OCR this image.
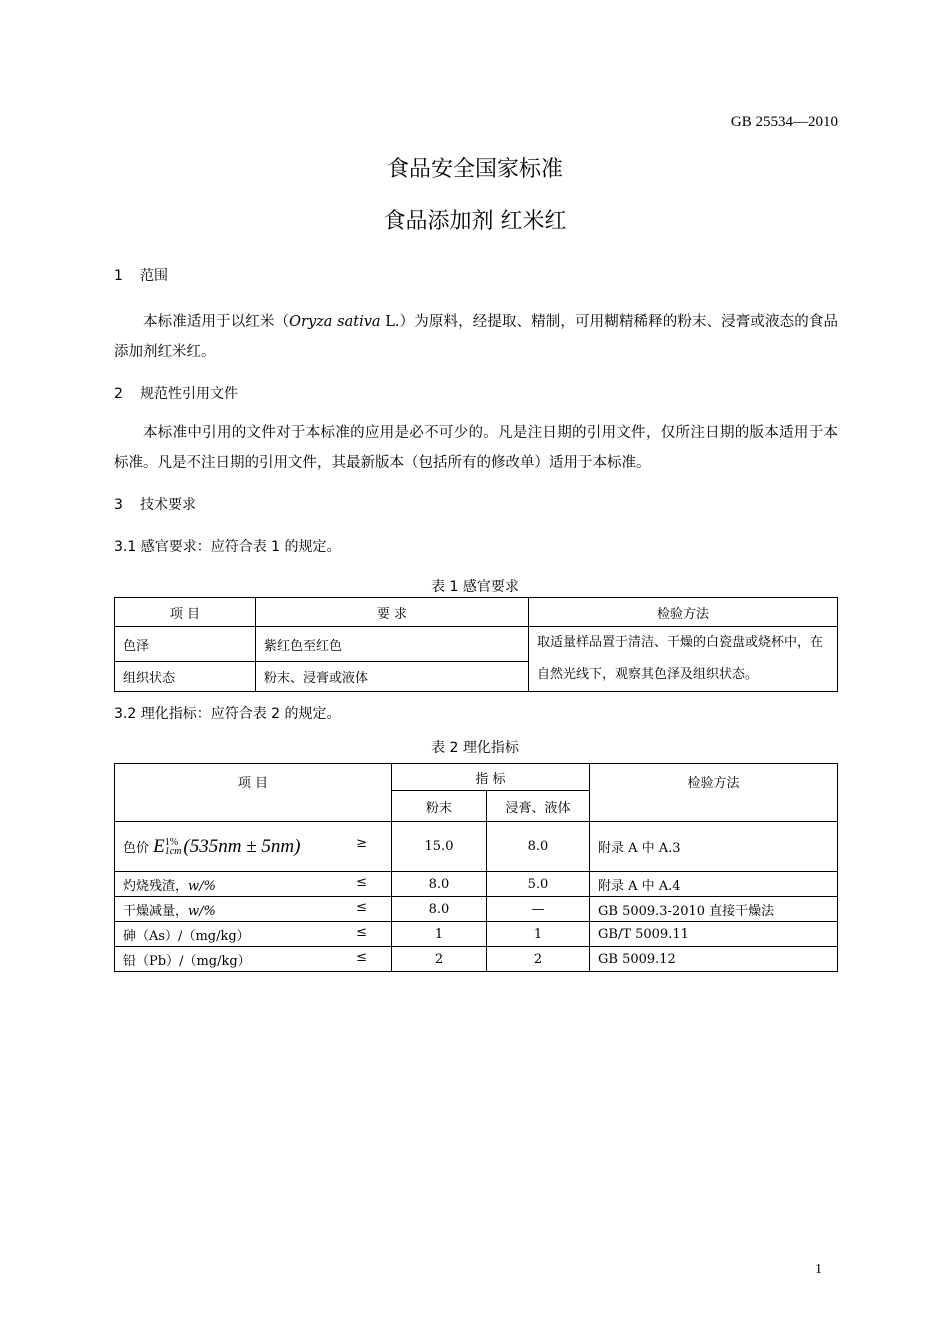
GB 25534—2010
食品安全国家标准
食品添加剂 红米红
1 范围
本标准适用于以红米（Oryza sativa L.）为原料，经提取、精制，可用糊精稀释的粉末、浸膏或液态的食品添加剂红米红。
2 规范性引用文件
本标准中引用的文件对于本标准的应用是必不可少的。凡是注日期的引用文件，仅所注日期的版本适用于本标准。凡是不注日期的引用文件，其最新版本（包括所有的修改单）适用于本标准。
3 技术要求
3.1 感官要求：应符合表 1 的规定。
表 1 感官要求
项 目	要 求	检验方法
色泽	紫红色至红色	取适量样品置于清洁、干燥的白瓷盘或烧杯中，在自然光线下，观察其色泽及组织状态。
组织状态	粉末、浸膏或液体	
3.2 理化指标：应符合表 2 的规定。
表 2 理化指标
项 目	指 标		检验方法
	粉末	浸膏、液体	
色价 E 1%
1cm (535nm ± 5nm) ≥	15.0	8.0	附录 A 中 A.3
灼烧残渣，w/% ≤	8.0	5.0	附录 A 中 A.4
干燥减量，w/% ≤	8.0	—	GB 5009.3-2010 直接干燥法
砷（As）/（mg/kg） ≤	1	1	GB/T 5009.11
铅（Pb）/（mg/kg） ≤	2	2	GB 5009.12
1
